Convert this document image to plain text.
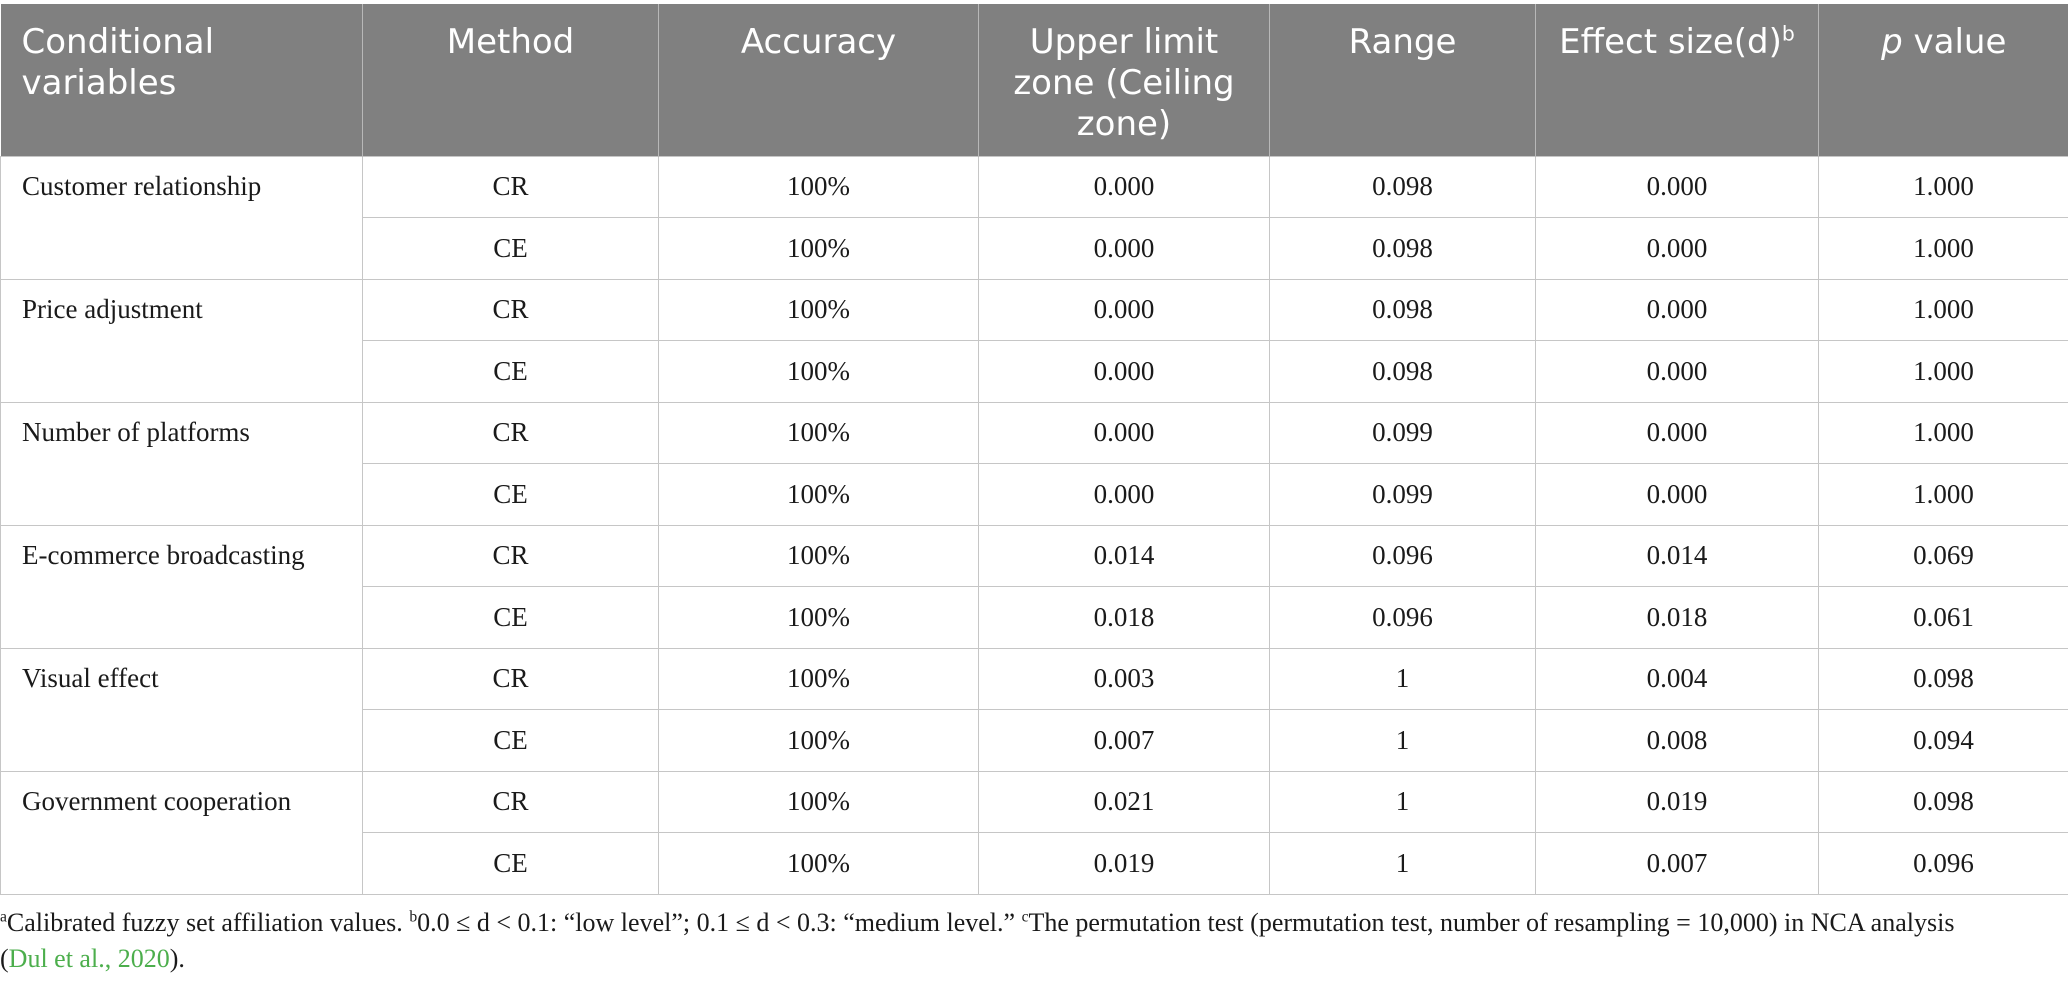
Conditional variables	Method	Accuracy	Upper limit zone (Ceiling zone)	Range	Effect $size(d)^b$	p value
Customer relationship	CR	100%	0.000	0.098	0.000	1.000
	CE	100%	0.000	0.098	0.000	1.000
Price adjustment	CR	100%	0.000	0.098	0.000	1.000
	CE	100%	0.000	0.098	0.000	1.000
Number of platforms	CR	100%	0.000	0.099	0.000	1.000
	CE	100%	0.000	0.099	0.000	1.000
E-commerce broadcasting	CR	100%	0.014	0.096	0.014	0.069
	CE	100%	0.018	0.096	0.018	0.061
Visual effect	CR	100%	0.003	1	0.004	0.098
	CE	100%	0.007	1	0.008	0.094
Government cooperation	CR	100%	0.021	1	0.019	0.098
	CE	100%	0.019	1	0.007	0.096
$^a$Calibrated fuzzy set affiliation values. $^b$0.0 ≤ d < 0.1: “low level”; 0.1 ≤ d < 0.3: “medium level.” $^c$The permutation test (permutation test, number of resampling = 10,000) in NCA analysis (Dul et al., 2020).
